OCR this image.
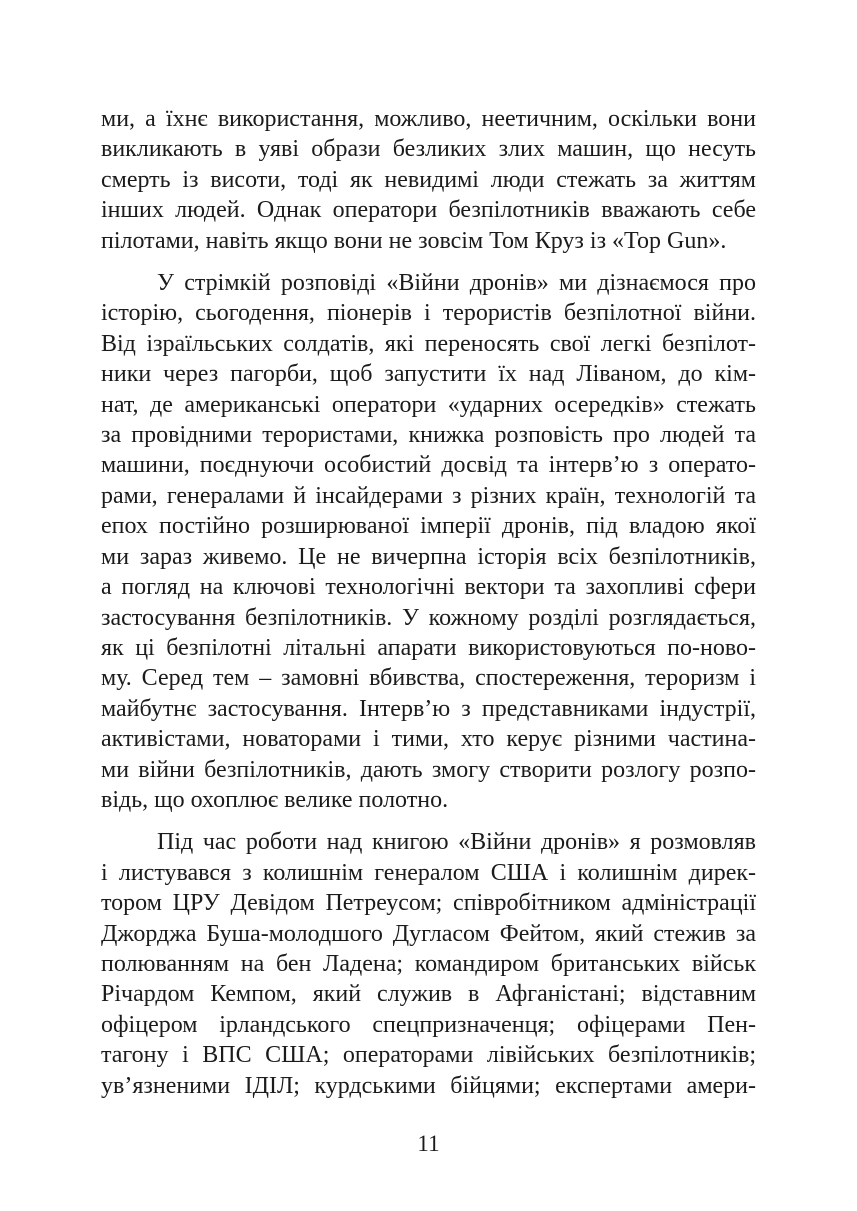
ми, а їхнє використання, можливо, неетичним, оскільки вони
викликають в уяві образи безликих злих машин, що несуть
смерть із висоти, тоді як невидимі люди стежать за життям
інших людей. Однак оператори безпілотників вважають себе
пілотами, навіть якщо вони не зовсім Том Круз із «Top Gun».

У стрімкій розповіді «Війни дронів» ми дізнаємося про
історію, сьогодення, піонерів і терористів безпілотної війни.
Від ізраїльських солдатів, які переносять свої легкі безпілот-
ники через пагорби, щоб запустити їх над Ліваном, до кім-
нат, де американські оператори «ударних осередків» стежать
за провідними терористами, книжка розповість про людей та
машини, поєднуючи особистий досвід та інтерв’ю з операто-
рами, генералами й інсайдерами з різних країн, технологій та
епох постійно розширюваної імперії дронів, під владою якої
ми зараз живемо. Це не вичерпна історія всіх безпілотників,
а погляд на ключові технологічні вектори та захопливі сфери
застосування безпілотників. У кожному розділі розглядається,
як ці безпілотні літальні апарати використовуються по-ново-
му. Серед тем – замовні вбивства, спостереження, тероризм і
майбутнє застосування. Інтерв’ю з представниками індустрії,
активістами, новаторами і тими, хто керує різними частина-
ми війни безпілотників, дають змогу створити розлогу розпо-
відь, що охоплює велике полотно.

Під час роботи над книгою «Війни дронів» я розмовляв
і листувався з колишнім генералом США і колишнім дирек-
тором ЦРУ Девідом Петреусом; співробітником адміністрації
Джорджа Буша-молодшого Дугласом Фейтом, який стежив за
полюванням на бен Ладена; командиром британських військ
Річардом Кемпом, який служив в Афганістані; відставним
офіцером ірландського спецпризначенця; офіцерами Пен-
тагону і ВПС США; операторами лівійських безпілотників;
ув’язненими ІДІЛ; курдськими бійцями; експертами амери-

11
